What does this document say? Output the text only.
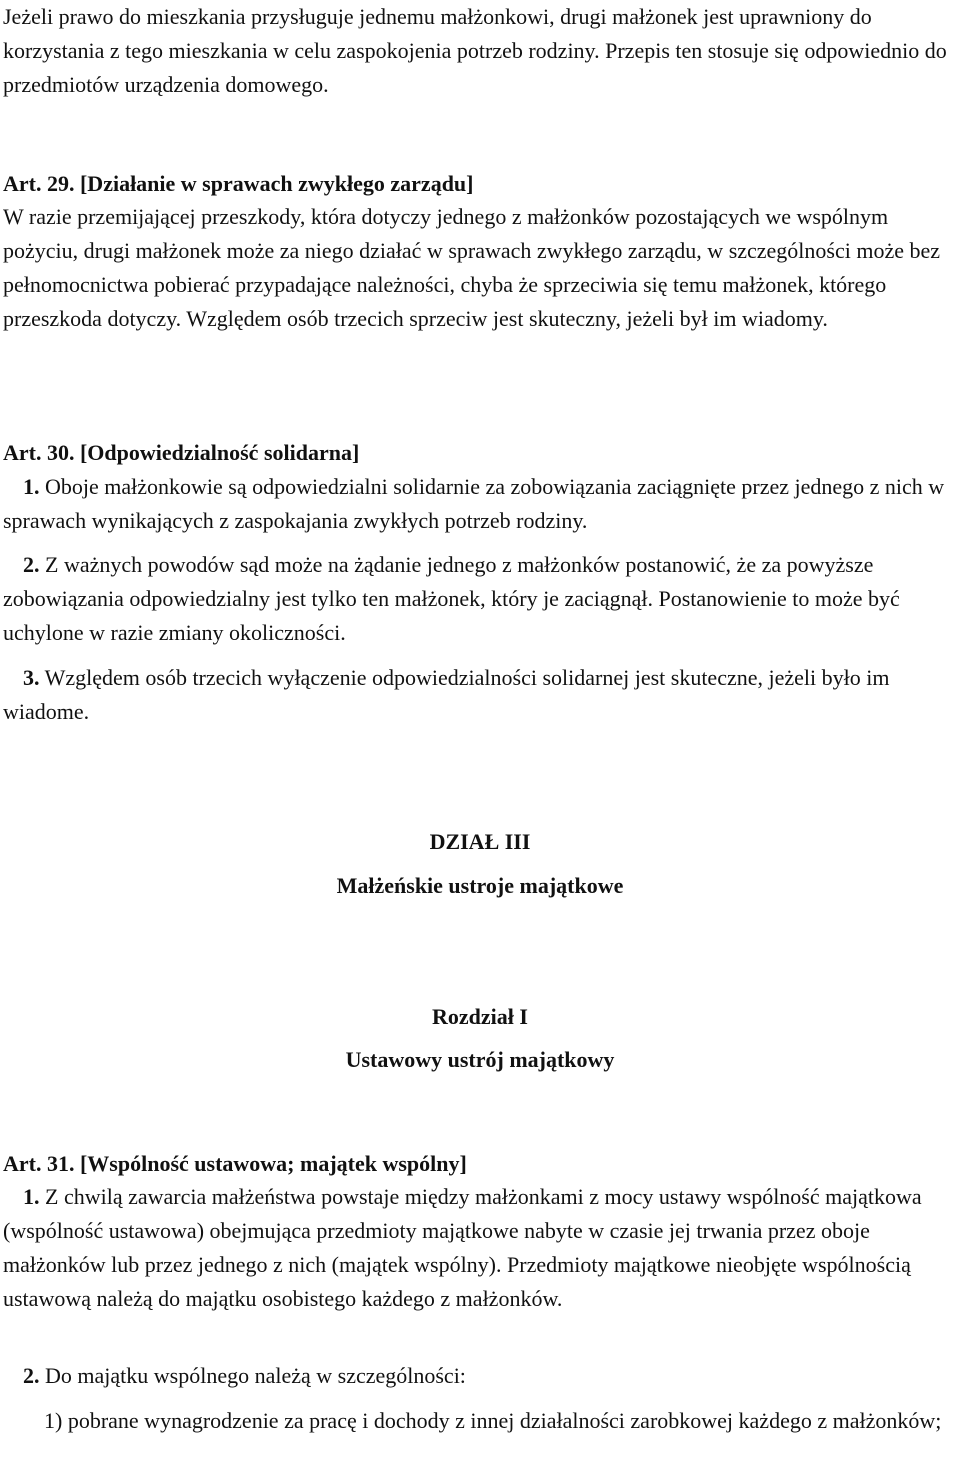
Jeżeli prawo do mieszkania przysługuje jednemu małżonkowi, drugi małżonek jest uprawniony do korzystania z tego mieszkania w celu zaspokojenia potrzeb rodziny. Przepis ten stosuje się odpowiednio do przedmiotów urządzenia domowego.

Art. 29. [Działanie w sprawach zwykłego zarządu]

W razie przemijającej przeszkody, która dotyczy jednego z małżonków pozostających we wspólnym pożyciu, drugi małżonek może za niego działać w sprawach zwykłego zarządu, w szczególności może bez pełnomocnictwa pobierać przypadające należności, chyba że sprzeciwia się temu małżonek, którego przeszkoda dotyczy. Względem osób trzecich sprzeciw jest skuteczny, jeżeli był im wiadomy.

Art. 30. [Odpowiedzialność solidarna]

1. Oboje małżonkowie są odpowiedzialni solidarnie za zobowiązania zaciągnięte przez jednego z nich w sprawach wynikających z zaspokajania zwykłych potrzeb rodziny.

2. Z ważnych powodów sąd może na żądanie jednego z małżonków postanowić, że za powyższe zobowiązania odpowiedzialny jest tylko ten małżonek, który je zaciągnął. Postanowienie to może być uchylone w razie zmiany okoliczności.

3. Względem osób trzecich wyłączenie odpowiedzialności solidarnej jest skuteczne, jeżeli było im wiadome.

DZIAŁ III

Małżeńskie ustroje majątkowe

Rozdział I

Ustawowy ustrój majątkowy

Art. 31. [Wspólność ustawowa; majątek wspólny]

1. Z chwilą zawarcia małżeństwa powstaje między małżonkami z mocy ustawy wspólność majątkowa (wspólność ustawowa) obejmująca przedmioty majątkowe nabyte w czasie jej trwania przez oboje małżonków lub przez jednego z nich (majątek wspólny). Przedmioty majątkowe nieobjęte wspólnością ustawową należą do majątku osobistego każdego z małżonków.

2. Do majątku wspólnego należą w szczególności:

1) pobrane wynagrodzenie za pracę i dochody z innej działalności zarobkowej każdego z małżonków;
